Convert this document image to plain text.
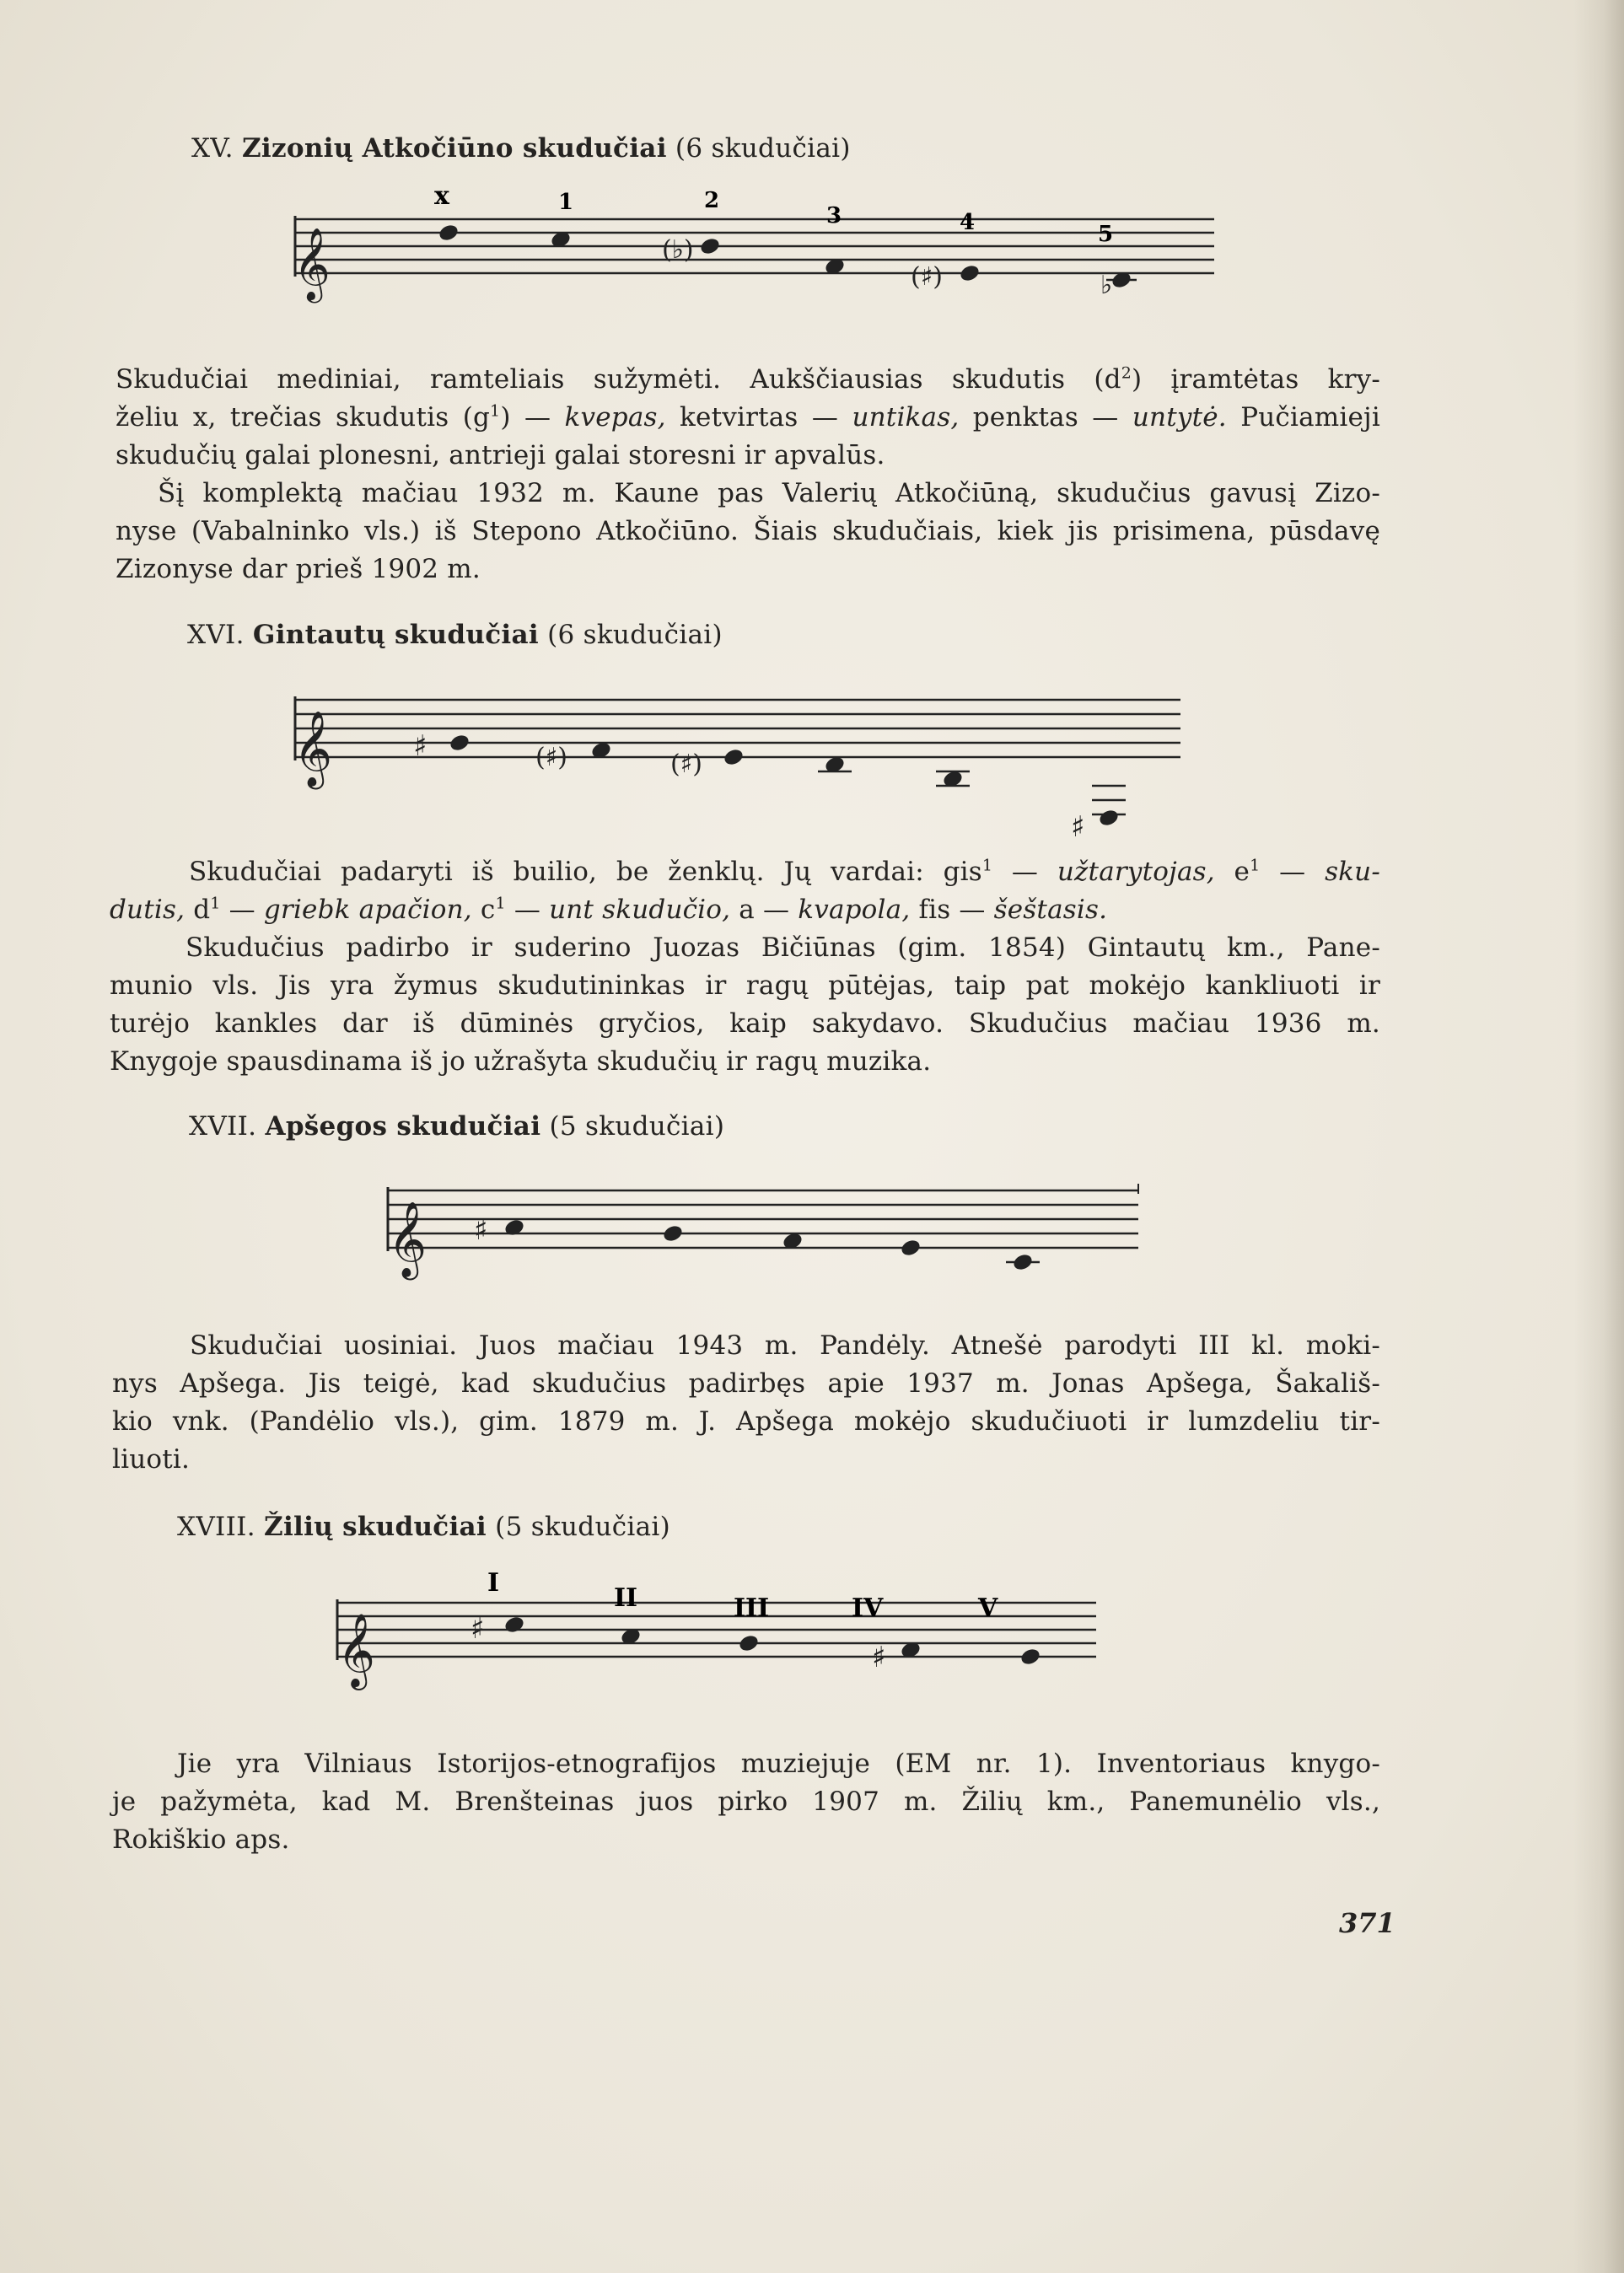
XV. Zizonių Atkočiūno skudučiai (6 skudučiai)
𝄞
x	1	2
3	4	5
(♭)
(♯)	♭
Skudučiai mediniai, ramteliais sužymėti. Aukščiausias skudutis $(d^2)$ įramtėtas kry-
želiu x, trečias skudutis $(g^1)$ — kvepas, ketvirtas — untikas, penktas — untytė. Pučiamieji
skudučių galai plonesni, antrieji galai storesni ir apvalūs.
Šį komplektą mačiau 1932 m. Kaune pas Valerių Atkočiūną, skudučius gavusį Zizo-
nyse (Vabalninko vls.) iš Stepono Atkočiūno. Šiais skudučiais, kiek jis prisimena, pūsdavę
Zizonyse dar prieš 1902 m.
XVI. Gintautų skudučiai (6 skudučiai)
𝄞	♯	(♯)	(♯)
♯
Skudučiai padaryti iš builio, be ženklų. Jų vardai: gis$^1$ — užtarytojas, $e^1$ — sku-
dutis, $d^1$ — griebk apačion, $c^1$ — unt skudučio, a — kvapola, fis — šeštasis.
Skudučius padirbo ir suderino Juozas Bičiūnas (gim. 1854) Gintautų km., Pane-
munio vls. Jis yra žymus skudutininkas ir ragų pūtėjas, taip pat mokėjo kankliuoti ir
turėjo kankles dar iš dūminės gryčios, kaip sakydavo. Skudučius mačiau 1936 m.
Knygoje spausdinama iš jo užrašyta skudučių ir ragų muzika.
XVII. Apšegos skudučiai (5 skudučiai)
𝄞 ♯
Skudučiai uosiniai. Juos mačiau 1943 m. Pandėly. Atnešė parodyti III kl. moki-
nys Apšega. Jis teigė, kad skudučius padirbęs apie 1937 m. Jonas Apšega, Šakališ-
kio vnk. (Pandėlio vls.), gim. 1879 m. J. Apšega mokėjo skudučiuoti ir lumzdeliu tir-
liuoti.
XVIII. Žilių skudučiai (5 skudučiai)
𝄞
I
II	III	IV	V
♯
♯
Jie yra Vilniaus Istorijos-etnografijos muziejuje (EM nr. 1). Inventoriaus knygo-
je pažymėta, kad M. Brenšteinas juos pirko 1907 m. Žilių km., Panemunėlio vls.,
Rokiškio aps.
371
